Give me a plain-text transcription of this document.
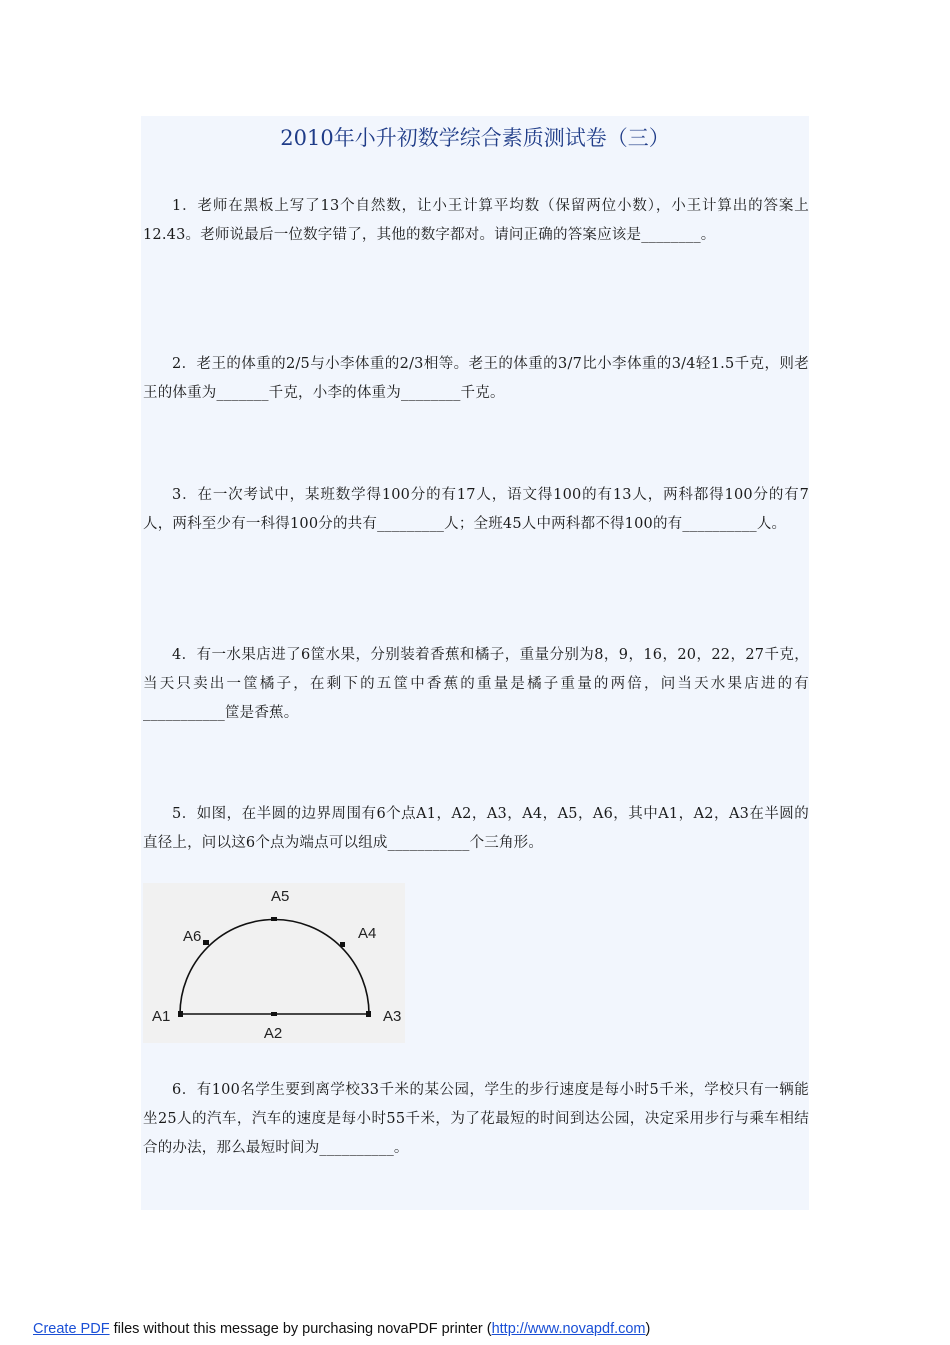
2010年小升初数学综合素质测试卷（三）
1．老师在黑板上写了13个自然数，让小王计算平均数（保留两位小数），小王计算出的答案上12.43。老师说最后一位数字错了，其他的数字都对。请问正确的答案应该是________。
2．老王的体重的2/5与小李体重的2/3相等。老王的体重的3/7比小李体重的3/4轻1.5千克，则老王的体重为_______千克，小李的体重为________千克。
3．在一次考试中，某班数学得100分的有17人，语文得100的有13人，两科都得100分的有7人，两科至少有一科得100分的共有_________人；全班45人中两科都不得100的有__________人。
4．有一水果店进了6筐水果，分别装着香蕉和橘子，重量分别为8，9，16，20，22，27千克，当天只卖出一筐橘子，在剩下的五筐中香蕉的重量是橘子重量的两倍，问当天水果店进的有___________筐是香蕉。
5．如图，在半圆的边界周围有6个点A1，A2，A3，A4，A5，A6，其中A1，A2，A3在半圆的直径上，问以这6个点为端点可以组成___________个三角形。
A1
A2
A3
A4
A5
A6
6．有100名学生要到离学校33千米的某公园，学生的步行速度是每小时5千米，学校只有一辆能坐25人的汽车，汽车的速度是每小时55千米，为了花最短的时间到达公园，决定采用步行与乘车相结合的办法，那么最短时间为__________。
Create PDF files without this message by purchasing novaPDF printer (http://www.novapdf.com)
